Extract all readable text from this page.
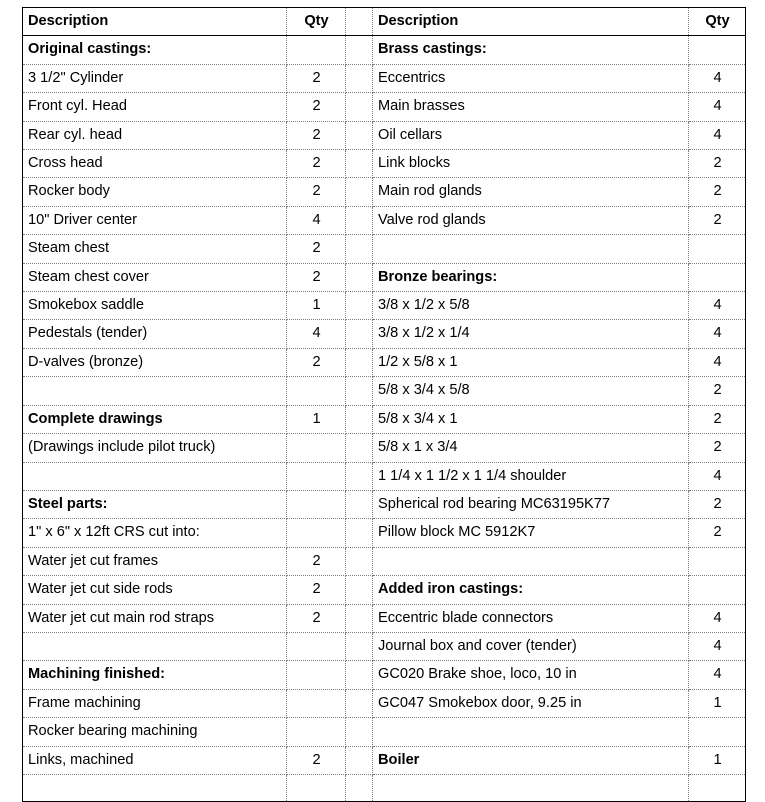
Description	Qty		Description	Qty
Original castings:			Brass castings:	
3 1/2" Cylinder	2		Eccentrics	4
Front cyl. Head	2		Main brasses	4
Rear cyl. head	2		Oil cellars	4
Cross head	2		Link blocks	2
Rocker body	2		Main rod glands	2
10" Driver center	4		Valve rod glands	2
Steam chest	2			
Steam chest cover	2		Bronze bearings:	
Smokebox saddle	1		3/8 x 1/2 x 5/8	4
Pedestals (tender)	4		3/8 x 1/2 x 1/4	4
D-valves (bronze)	2		1/2 x 5/8 x 1	4
			5/8 x 3/4 x 5/8	2
Complete drawings	1		5/8 x 3/4 x 1	2
(Drawings include pilot truck)			5/8 x 1 x 3/4	2
			1 1/4 x 1 1/2 x 1 1/4 shoulder	4
Steel parts:			Spherical rod bearing MC63195K77	2
1" x 6" x 12ft CRS cut into:			Pillow block MC 5912K7	2
Water jet cut frames	2			
Water jet cut side rods	2		Added iron castings:	
Water jet cut main rod straps	2		Eccentric blade connectors	4
			Journal box and cover (tender)	4
Machining finished:			GC020 Brake shoe, loco, 10 in	4
Frame machining			GC047 Smokebox door, 9.25 in	1
Rocker bearing machining				
Links, machined	2		Boiler	1
